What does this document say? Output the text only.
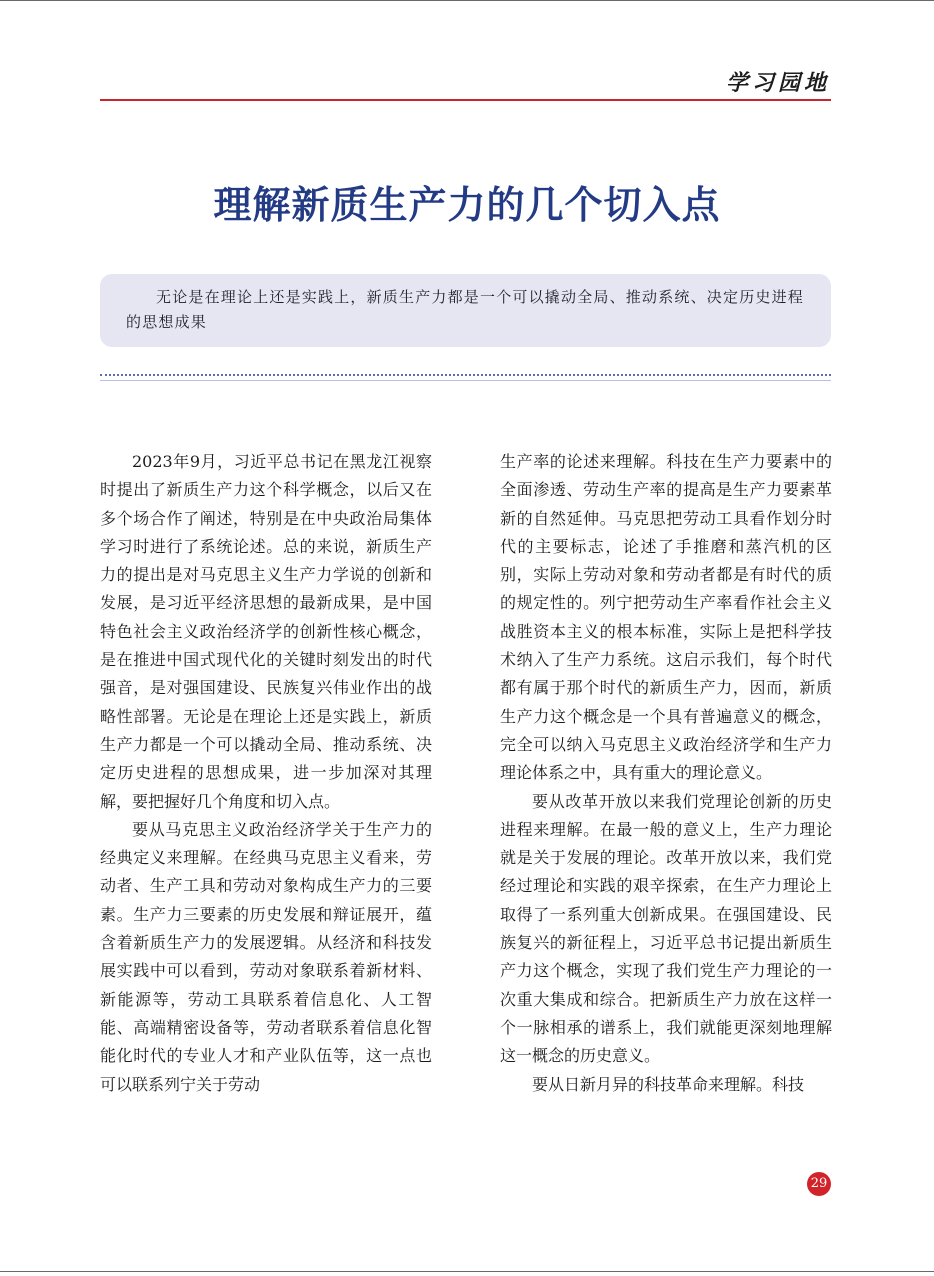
学习园地
理解新质生产力的几个切入点
无论是在理论上还是实践上，新质生产力都是一个可以撬动全局、推动系统、决定历史进程的思想成果

2023年9月，习近平总书记在黑龙江视察时提出了新质生产力这个科学概念，以后又在多个场合作了阐述，特别是在中央政治局集体学习时进行了系统论述。总的来说，新质生产力的提出是对马克思主义生产力学说的创新和发展，是习近平经济思想的最新成果，是中国特色社会主义政治经济学的创新性核心概念，是在推进中国式现代化的关键时刻发出的时代强音，是对强国建设、民族复兴伟业作出的战略性部署。无论是在理论上还是实践上，新质生产力都是一个可以撬动全局、推动系统、决定历史进程的思想成果，进一步加深对其理解，要把握好几个角度和切入点。

要从马克思主义政治经济学关于生产力的经典定义来理解。在经典马克思主义看来，劳动者、生产工具和劳动对象构成生产力的三要素。生产力三要素的历史发展和辩证展开，蕴含着新质生产力的发展逻辑。从经济和科技发展实践中可以看到，劳动对象联系着新材料、新能源等，劳动工具联系着信息化、人工智能、高端精密设备等，劳动者联系着信息化智能化时代的专业人才和产业队伍等，这一点也可以联系列宁关于劳动

生产率的论述来理解。科技在生产力要素中的全面渗透、劳动生产率的提高是生产力要素革新的自然延伸。马克思把劳动工具看作划分时代的主要标志，论述了手推磨和蒸汽机的区别，实际上劳动对象和劳动者都是有时代的质的规定性的。列宁把劳动生产率看作社会主义战胜资本主义的根本标准，实际上是把科学技术纳入了生产力系统。这启示我们，每个时代都有属于那个时代的新质生产力，因而，新质生产力这个概念是一个具有普遍意义的概念，完全可以纳入马克思主义政治经济学和生产力理论体系之中，具有重大的理论意义。

要从改革开放以来我们党理论创新的历史进程来理解。在最一般的意义上，生产力理论就是关于发展的理论。改革开放以来，我们党经过理论和实践的艰辛探索，在生产力理论上取得了一系列重大创新成果。在强国建设、民族复兴的新征程上，习近平总书记提出新质生产力这个概念，实现了我们党生产力理论的一次重大集成和综合。把新质生产力放在这样一个一脉相承的谱系上，我们就能更深刻地理解这一概念的历史意义。

要从日新月异的科技革命来理解。科技

29
